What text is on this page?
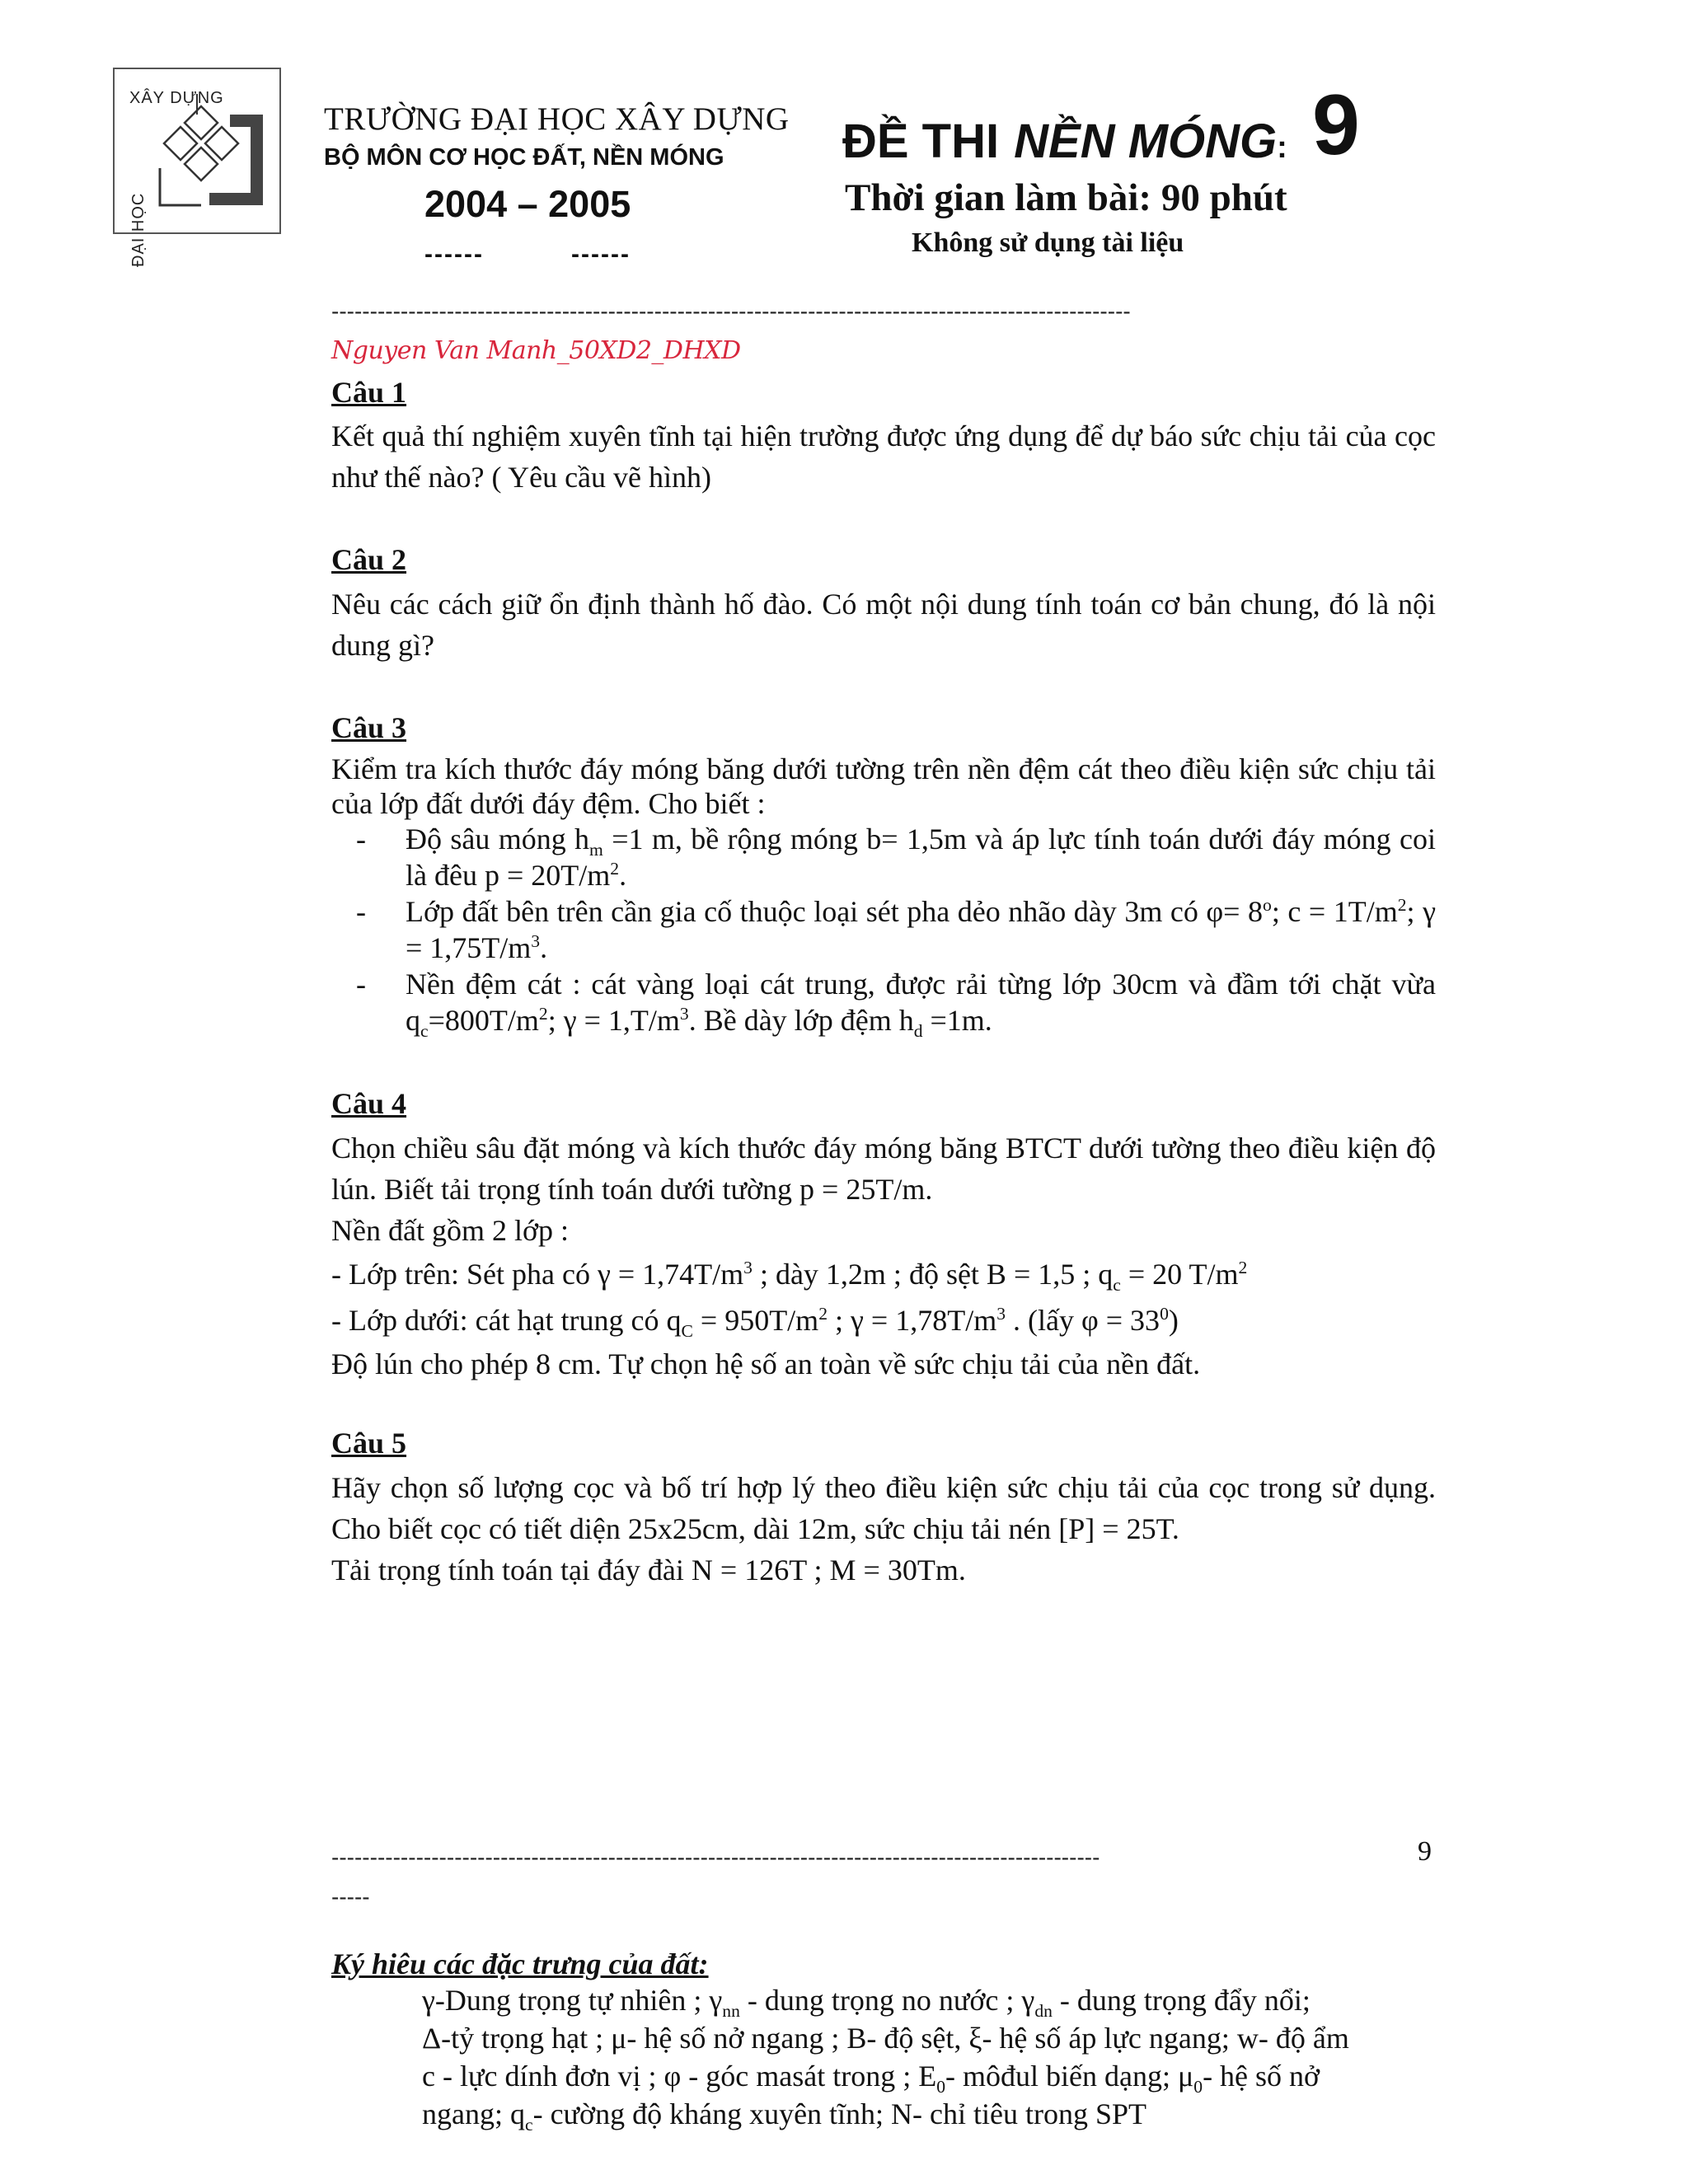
XÂY DỰNG
ĐẠI HỌC
TRƯỜNG ĐẠI HỌC XÂY DỰNG
BỘ MÔN CƠ HỌC ĐẤT, NỀN MÓNG
2004 – 2005
------	------
ĐỀ THI NỀN MÓNG: 9
Thời gian làm bài: 90 phút
Không sử dụng tài liệu
--------------------------------------------------------------------------------------------------------
Nguyen Van Manh_50XD2_DHXD
Câu 1
Kết quả thí nghiệm xuyên tĩnh tại hiện trường được ứng dụng để dự báo sức chịu tải của cọc như thế nào? ( Yêu cầu vẽ hình)
Câu 2
Nêu các cách giữ ổn định thành hố đào. Có một nội dung tính toán cơ bản chung, đó là nội dung gì?
Câu 3

Kiểm tra kích thước đáy móng băng dưới tường trên nền đệm cát theo điều kiện sức chịu tải của lớp đất dưới đáy đệm. Cho biết :

- Độ sâu móng $h_m =1$ m, bề rộng móng b= 1,5m và áp lực tính toán dưới đáy móng coi là đêu $p = 20T/m^2$.
- Lớp đất bên trên cần gia cố thuộc loại sét pha dẻo nhão dày 3m có $\varphi= 8^o$; $c = 1T/m^2$; $\gamma = 1,75T/m^3$.
- Nền đệm cát : cát vàng loại cát trung, được rải từng lớp 30cm và đầm tới chặt vừa $q_c=800T/m^2$; $\gamma = 1,T/m^3$. Bề dày lớp đệm $h_d =1m$.
Câu 4

Chọn chiều sâu đặt móng và kích thước đáy móng băng BTCT dưới tường theo điều kiện độ lún. Biết tải trọng tính toán dưới tường p = 25T/m.

Nền đất gồm 2 lớp :

- Lớp trên: Sét pha có $\gamma = 1,74T/m^3$ ; dày 1,2m ; độ sệt B = 1,5 ; $q_c = 20$ $T/m^2$

- Lớp dưới: cát hạt trung có $q_C = 950T/m^2$ ; $\gamma = 1,78T/m^3$ . (lấy $\varphi = 33^0$)

Độ lún cho phép 8 cm. Tự chọn hệ số an toàn về sức chịu tải của nền đất.

Câu 5

Hãy chọn số lượng cọc và bố trí hợp lý theo điều kiện sức chịu tải của cọc trong sử dụng. Cho biết cọc có tiết diện 25x25cm, dài 12m, sức chịu tải nén [P] = 25T.

Tải trọng tính toán tại đáy đài N = 126T ; M = 30Tm.

----------------------------------------------------------------------------------------------------	9
-----
Ký hiêu các đặc trưng của đất:

γ-Dung trọng tự nhiên ; $\gamma_{nn}$ - dung trọng no nước ; $\gamma_{dn}$ - dung trọng đẩy nổi;

Δ-tỷ trọng hạt ; μ- hệ số nở ngang ; B- độ sệt, ξ- hệ số áp lực ngang; w- độ ẩm

c - lực dính đơn vị ; φ - góc masát trong ; $E_0-$ môđul biến dạng; $\mu_0-$ hệ số nở

ngang; $q_c-$ cường độ kháng xuyên tĩnh; N- chỉ tiêu trong SPT
